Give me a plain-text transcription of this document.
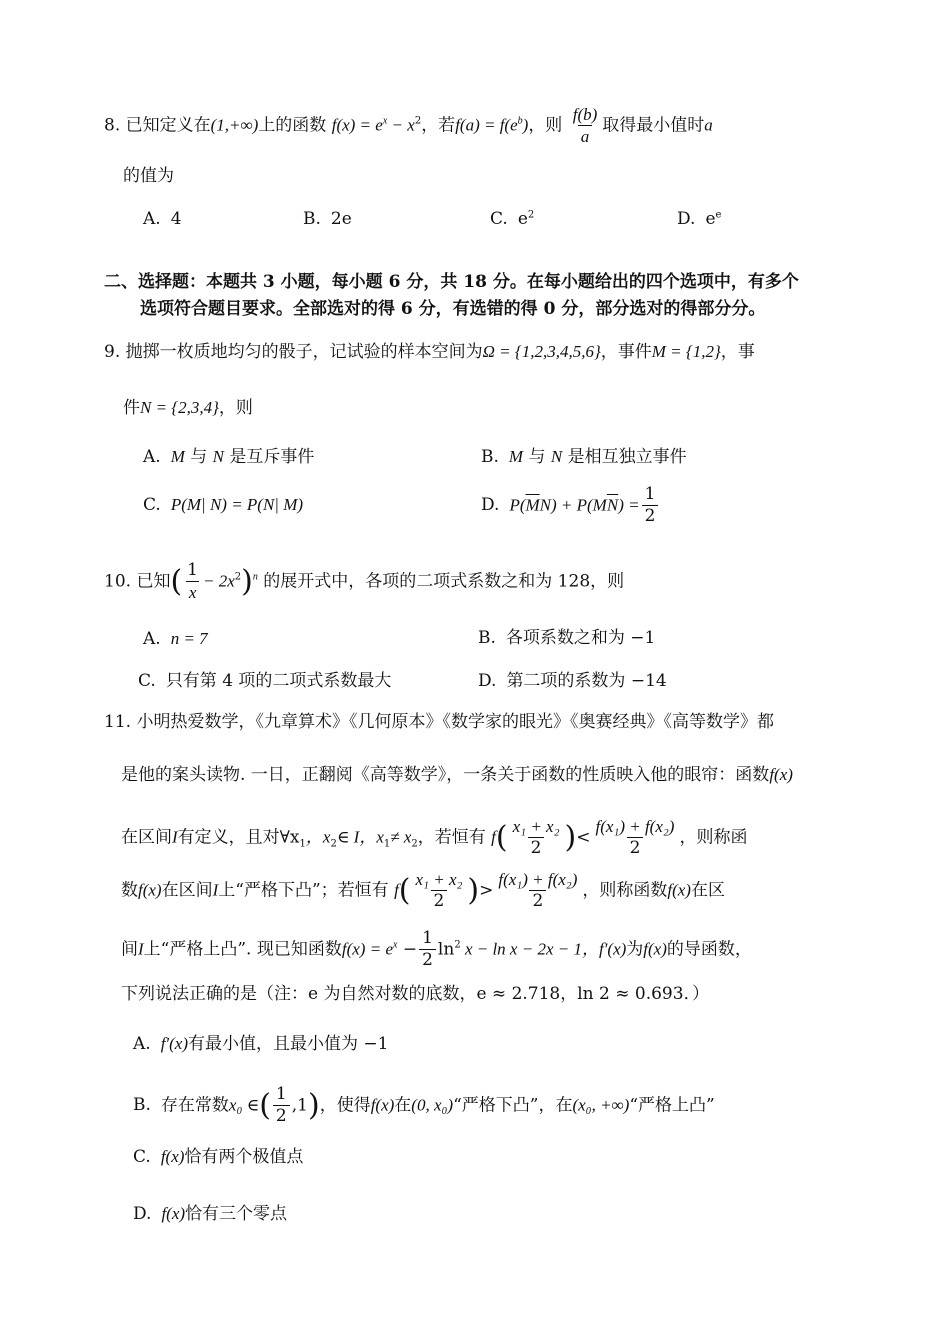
8. 已知定义在(1,+∞)上的函数 $f(x) = e^x - x^2$，若$f(a) = f(e^b)$，则 $\frac{f(b)}{a}$ 取得最小值时a
的值为
A. 4	B. 2e	C. $e^2$	D. $e^e$
二、选择题：本题共 3 小题，每小题 6 分，共 18 分。在每小题给出的四个选项中，有多个
选项符合题目要求。全部选对的得 6 分，有选错的得 0 分，部分选对的得部分分。
9. 抛掷一枚质地均匀的骰子，记试验的样本空间为Ω = {1,2,3,4,5,6}，事件M = {1,2}，事
件N = {2,3,4}，则
A. M 与 N 是互斥事件	B. M 与 N 是相互独立事件
C. P(M| N) = P(N| M)	D. $P(\overline{M}N) + P(M\overline{N}) = \frac{1}{2}$
10. 已知( $\frac{1}{x} - 2x^2)^n$ 的展开式中，各项的二项式系数之和为 128，则
A. n = 7	B. 各项系数之和为 −1
C. 只有第 4 项的二项式系数最大	D. 第二项的系数为 −14
11. 小明热爱数学，《九章算术》《几何原本》《数学家的眼光》《奥赛经典》《高等数学》都
是他的案头读物. 一日，正翻阅《高等数学》，一条关于函数的性质映入他的眼帘：函数f(x)
在区间I有定义，且对$\forall x_1$，$x_2\in$ I，$x_1\ne x_2$，若恒有 $f( \frac{\text{x₁ + x₂}}{2}$ )< $\frac{\text{f(x₁) + f(x₂)}}{2}$ ，则称函
数f(x)在区间I上“严格下凸”；若恒有 $f( \frac{\text{x₁ + x₂}}{2}$ )> $\frac{\text{f(x₁) + f(x₂)}}{2}$ ，则称函数f(x)在区
间I上“严格上凸”. 现已知函数$f(x) = e^x - \frac{1}{2} \ln^2 x - \ln x - 2x - 1$，f′(x)为f(x)的导函数，
下列说法正确的是（注：e 为自然对数的底数，e ≈ 2.718，ln 2 ≈ 0.693．）
A. f′(x)有最小值，且最小值为 −1
B. 存在常数x₀ ∈( $\frac{1}{2} ,1$)，使得f(x)在(0, x₀)“严格下凸”，在(x₀, +∞)“严格上凸”
C. f(x)恰有两个极值点
D. f(x)恰有三个零点
